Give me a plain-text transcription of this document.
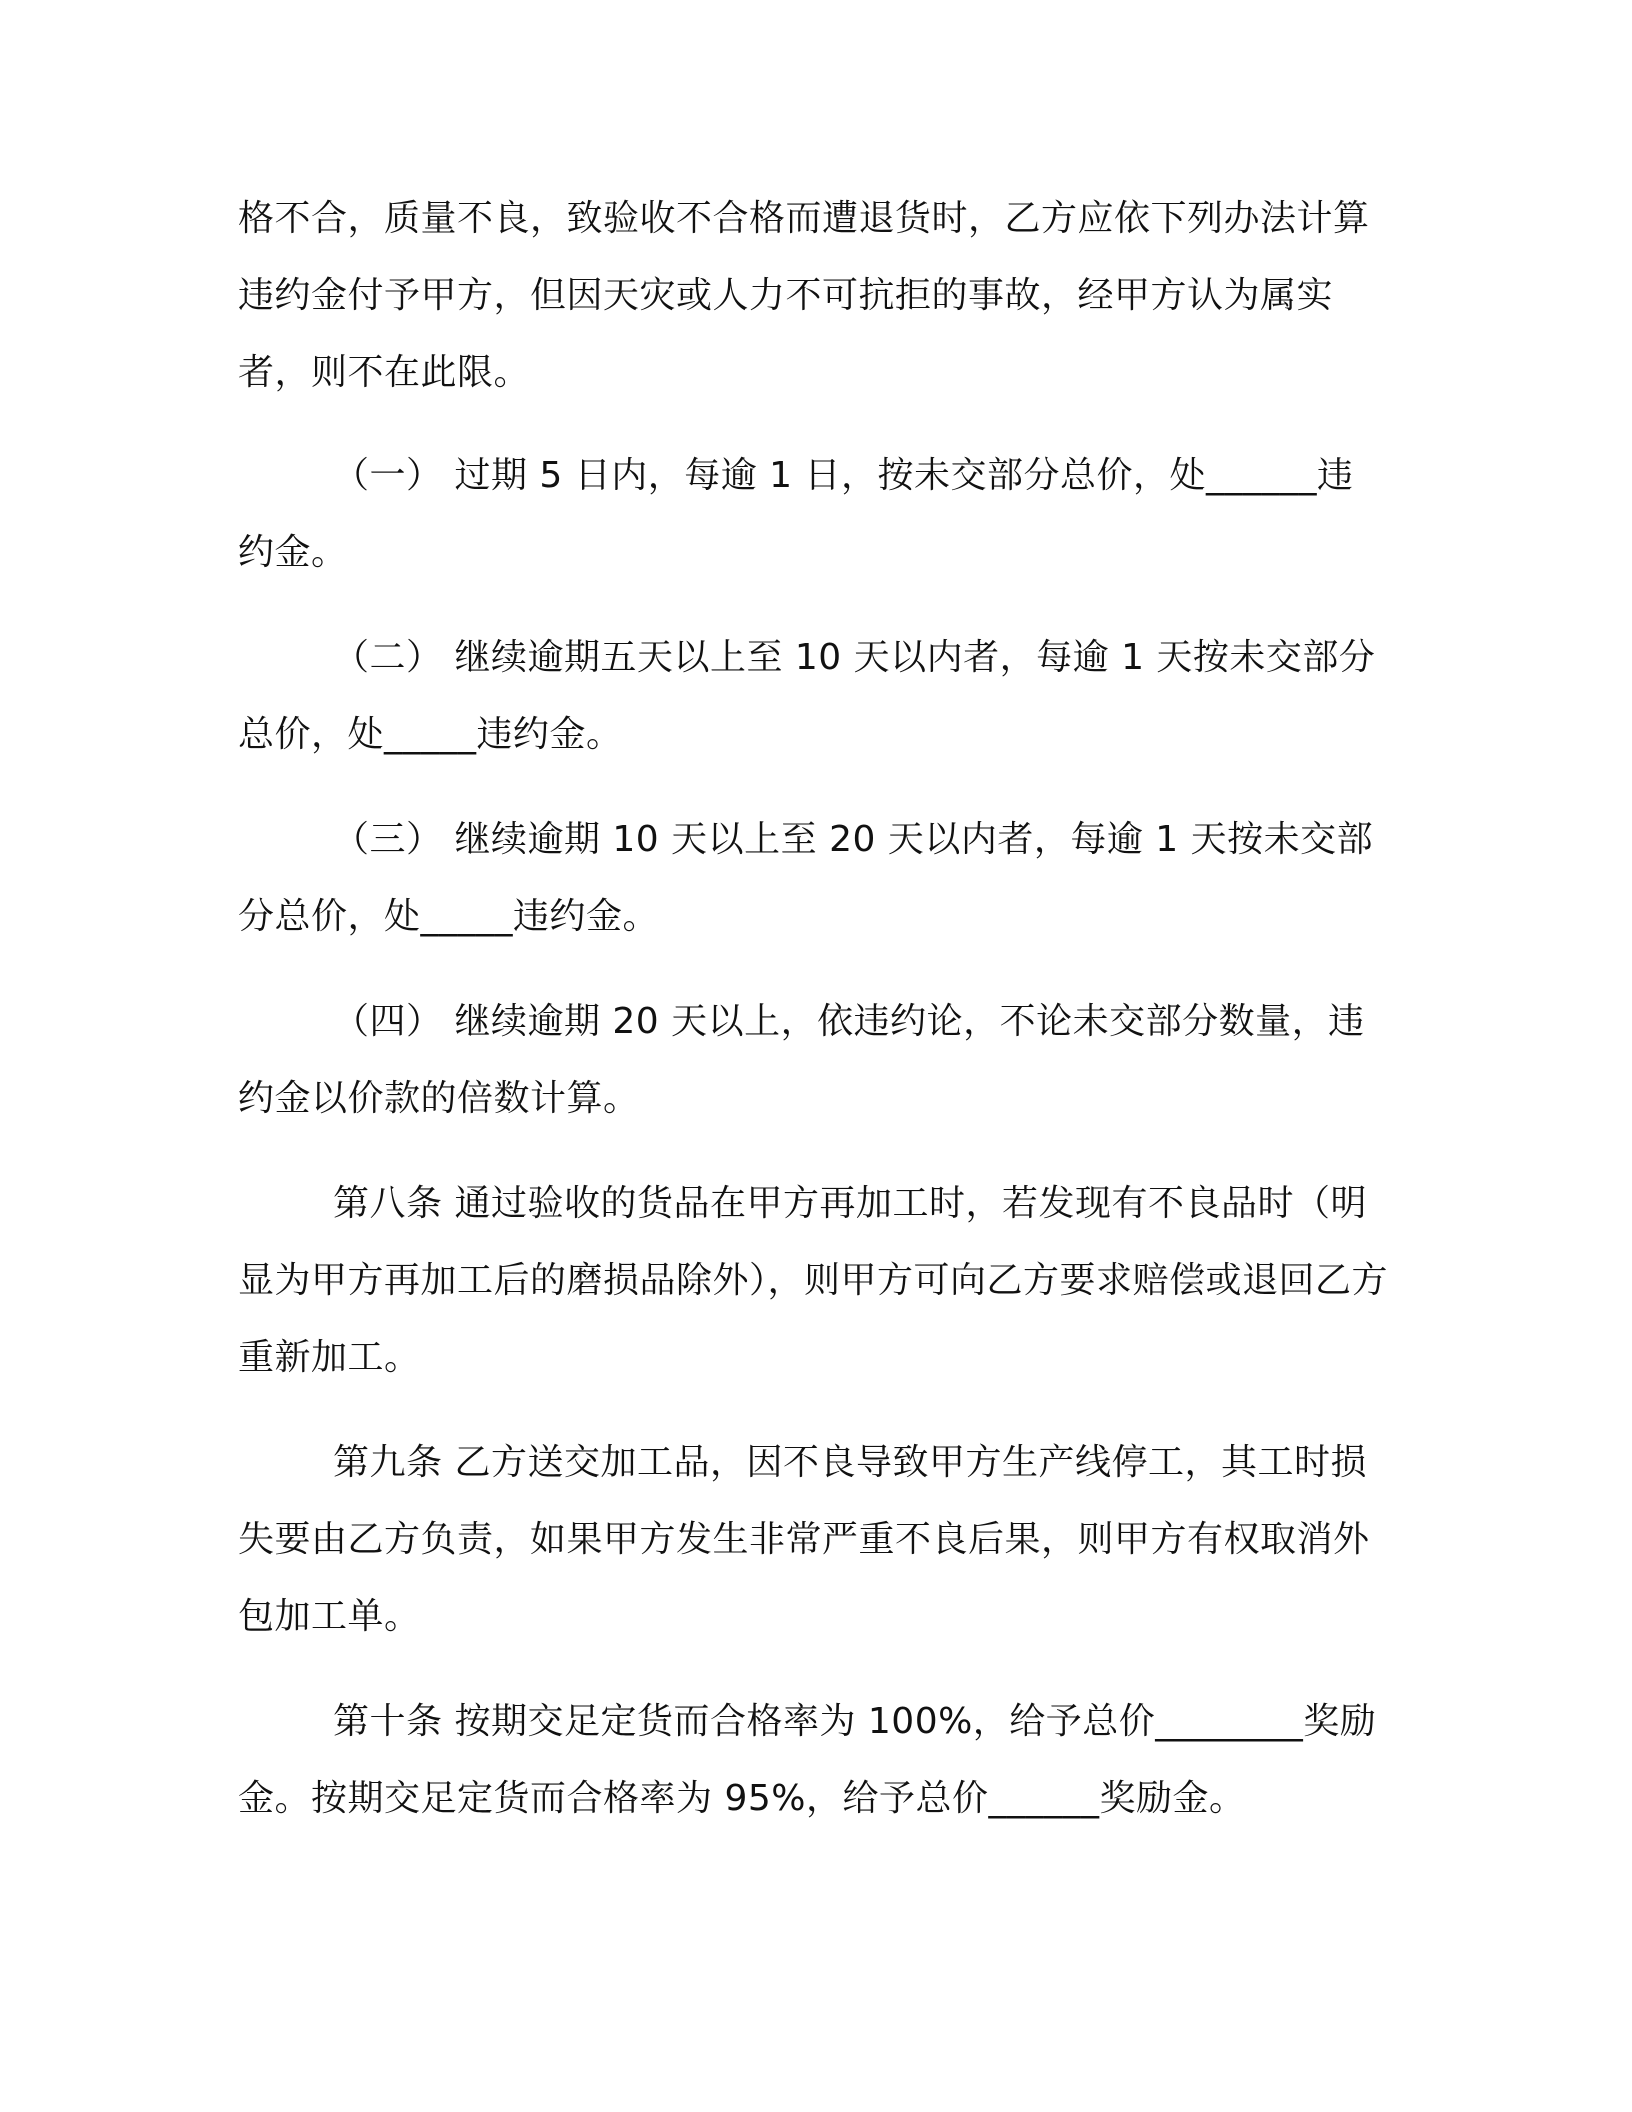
格不合，质量不良，致验收不合格而遭退货时，乙方应依下列办法计算违约金付予甲方，但因天灾或人力不可抗拒的事故，经甲方认为属实者，则不在此限。

（一） 过期 5 日内，每逾 1 日，按未交部分总价，处______违约金。

（二） 继续逾期五天以上至 10 天以内者，每逾 1 天按未交部分总价，处_____违约金。

（三） 继续逾期 10 天以上至 20 天以内者，每逾 1 天按未交部分总价，处_____违约金。

（四） 继续逾期 20 天以上，依违约论，不论未交部分数量，违约金以价款的倍数计算。

第八条 通过验收的货品在甲方再加工时，若发现有不良品时（明显为甲方再加工后的磨损品除外），则甲方可向乙方要求赔偿或退回乙方重新加工。

第九条 乙方送交加工品，因不良导致甲方生产线停工，其工时损失要由乙方负责，如果甲方发生非常严重不良后果，则甲方有权取消外包加工单。

第十条 按期交足定货而合格率为 100%，给予总价________奖励金。按期交足定货而合格率为 95%，给予总价______奖励金。
